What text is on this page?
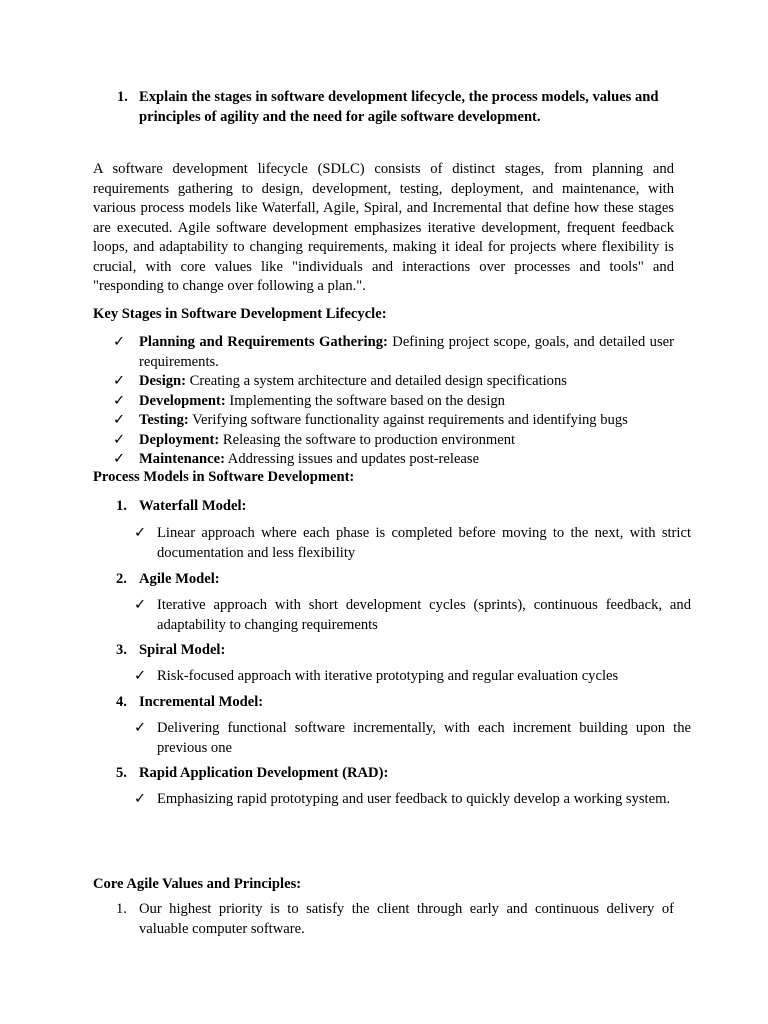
1. Explain the stages in software development lifecycle, the process models, values and principles of agility and the need for agile software development.
A software development lifecycle (SDLC) consists of distinct stages, from planning and requirements gathering to design, development, testing, deployment, and maintenance, with various process models like Waterfall, Agile, Spiral, and Incremental that define how these stages are executed. Agile software development emphasizes iterative development, frequent feedback loops, and adaptability to changing requirements, making it ideal for projects where flexibility is crucial, with core values like "individuals and interactions over processes and tools" and "responding to change over following a plan.".
Key Stages in Software Development Lifecycle:
✓ Planning and Requirements Gathering: Defining project scope, goals, and detailed user requirements.
✓ Design: Creating a system architecture and detailed design specifications
✓ Development: Implementing the software based on the design
✓ Testing: Verifying software functionality against requirements and identifying bugs
✓ Deployment: Releasing the software to production environment
✓ Maintenance: Addressing issues and updates post-release
Process Models in Software Development:
1. Waterfall Model:
✓ Linear approach where each phase is completed before moving to the next, with strict documentation and less flexibility
2. Agile Model:
✓ Iterative approach with short development cycles (sprints), continuous feedback, and adaptability to changing requirements
3. Spiral Model:
✓ Risk-focused approach with iterative prototyping and regular evaluation cycles
4. Incremental Model:
✓ Delivering functional software incrementally, with each increment building upon the previous one
5. Rapid Application Development (RAD):
✓ Emphasizing rapid prototyping and user feedback to quickly develop a working system.
Core Agile Values and Principles:
1. Our highest priority is to satisfy the client through early and continuous delivery of valuable computer software.
